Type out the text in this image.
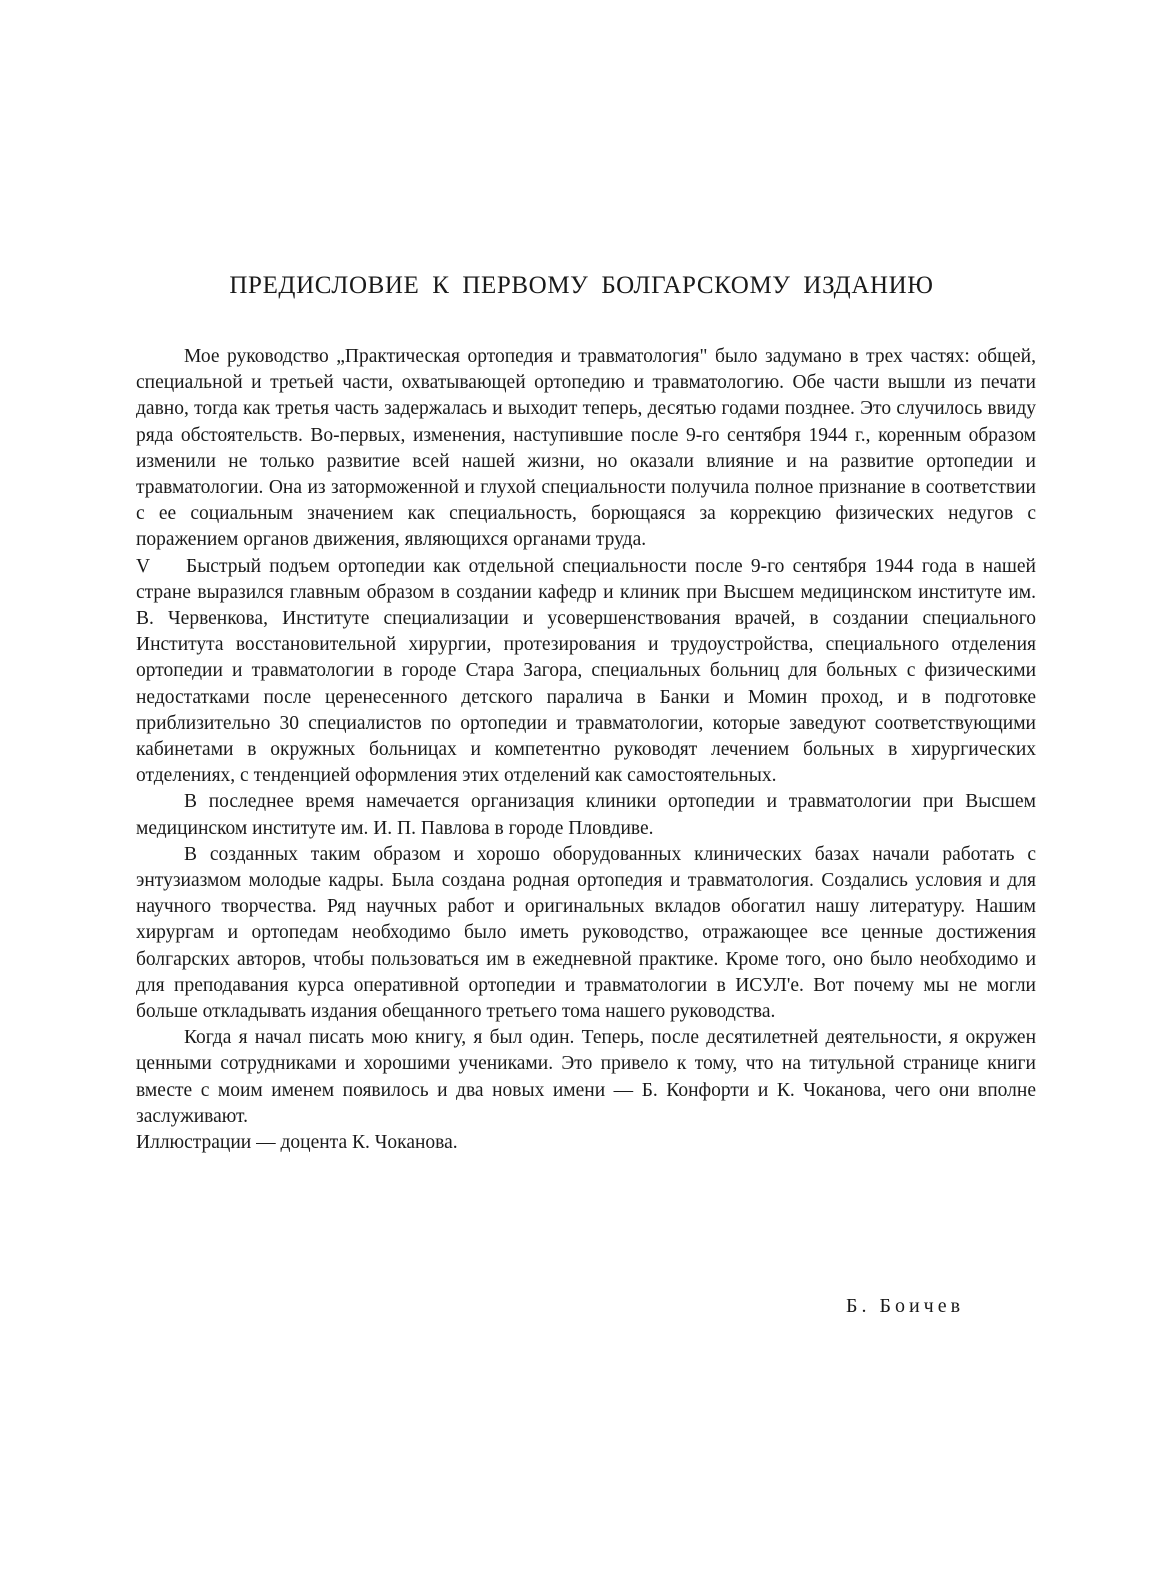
ПРЕДИСЛОВИЕ К ПЕРВОМУ БОЛГАРСКОМУ ИЗДАНИЮ

Мое руководство „Практическая ортопедия и травматология" было задумано в трех частях: общей, специальной и третьей части, охватывающей ортопедию и травматологию. Обе части вышли из печати давно, тогда как третья часть задержалась и выходит теперь, десятью годами позднее. Это случилось ввиду ряда обстоятельств. Во-первых, изменения, наступившие после 9-го сентября 1944 г., коренным образом изменили не только развитие всей нашей жизни, но оказали влияние и на развитие ортопедии и травматологии. Она из заторможенной и глухой специальности получила полное признание в соответствии с ее социальным значением как специальность, борющаяся за коррекцию физических недугов с поражением органов движения, являющихся органами труда.

V Быстрый подъем ортопедии как отдельной специальности после 9-го сентября 1944 года в нашей стране выразился главным образом в создании кафедр и клиник при Высшем медицинском институте им. В. Червенкова, Институте специализации и усовершенствования врачей, в создании специального Института восстановительной хирургии, протезирования и трудоустройства, специального отделения ортопедии и травматологии в городе Стара Загора, специальных больниц для больных с физическими недостатками после цеpенесенного детского паралича в Банки и Момин проход, и в подготовке приблизительно 30 специалистов по ортопедии и травматологии, которые заведуют соответствующими кабинетами в окружных больницах и компетентно руководят лечением больных в хирургических отделениях, с тенденцией оформления этих отделений как самостоятельных.

В последнее время намечается организация клиники ортопедии и травматологии при Высшем медицинском институте им. И. П. Павлова в городе Пловдиве.

В созданных таким образом и хорошо оборудованных клинических базах начали работать с энтузиазмом молодые кадры. Была создана родная ортопедия и травматология. Создались условия и для научного творчества. Ряд научных работ и оригинальных вкладов обогатил нашу литературу. Нашим хирургам и ортопедам необходимо было иметь руководство, отражающее все ценные достижения болгарских авторов, чтобы пользоваться им в ежедневной практике. Кроме того, оно было необходимо и для преподавания курса оперативной ортопедии и травматологии в ИСУЛ'е. Вот почему мы не могли больше откладывать издания обещанного третьего тома нашего руководства.

Когда я начал писать мою книгу, я был один. Теперь, после десятилетней деятельности, я окружен ценными сотрудниками и хорошими учениками. Это привело к тому, что на титульной странице книги вместе с моим именем появилось и два новых имени — Б. Конфорти и К. Чоканова, чего они вполне заслуживают.

Иллюстрации — доцента К. Чоканова.

Б. Боичев
